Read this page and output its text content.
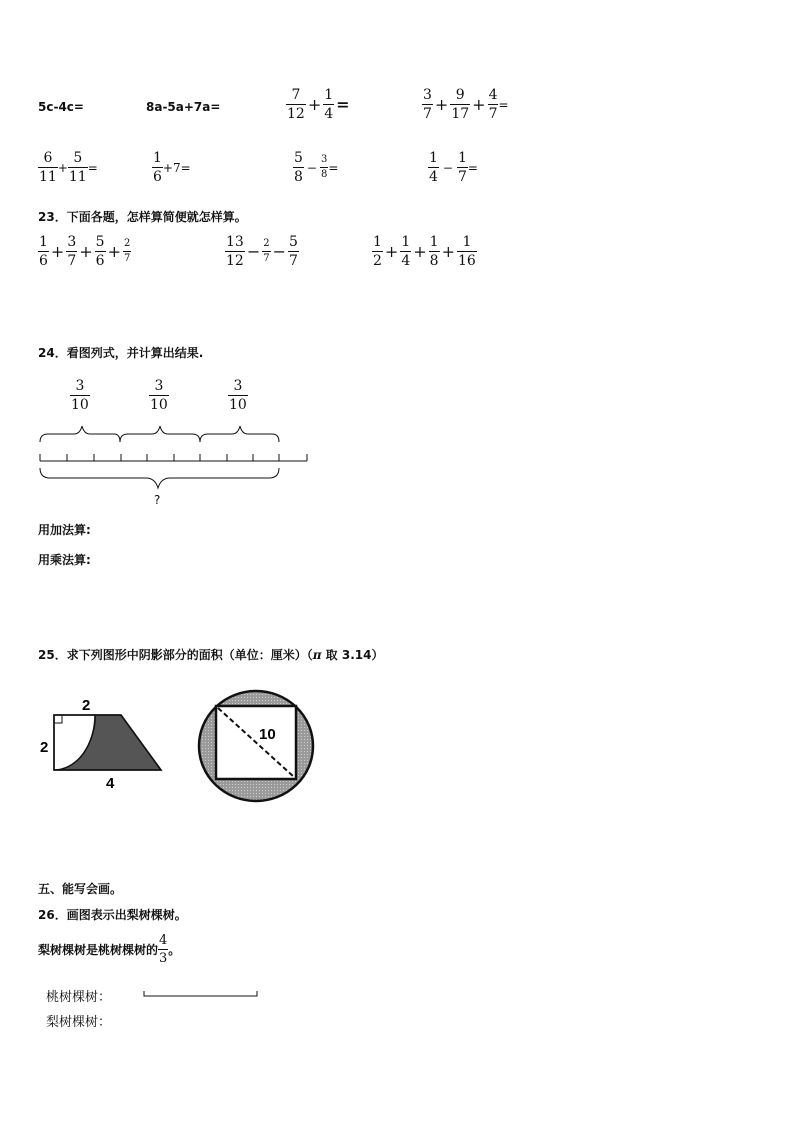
5c-4c=	8a-5a+7a=	$\frac{7}{12} + \frac{1}{4}$ =	$\frac{3}{7} + \frac{9}{17} + \frac{4}{7}$ =
$\frac{6}{11} + \frac{5}{11}$ =	$\frac{1}{6} +7=$	$\frac{5}{8} - \frac{3}{8}$ =	$\frac{1}{4} - \frac{1}{7}$ =
23．下面各题，怎样算简便就怎样算。
$\frac{1}{6} + \frac{3}{7} + \frac{5}{6} + \frac{2}{7}$	$\frac{13}{12} - \frac{2}{7} - \frac{5}{7}$	$\frac{1}{2} + \frac{1}{4} + \frac{1}{8} + \frac{1}{16}$
24．看图列式，并计算出结果.
$\frac{3}{10}$	$\frac{3}{10}$	$\frac{3}{10}$
?
用加法算:
用乘法算:
25．求下列图形中阴影部分的面积（单位：厘米）（π 取 3.14）
2
2
4
10
五、能写会画。
26．画图表示出梨树棵树。
梨树棵树是桃树棵树的 $\frac{4}{3}$ 。
桃树棵树：
梨树棵树：
